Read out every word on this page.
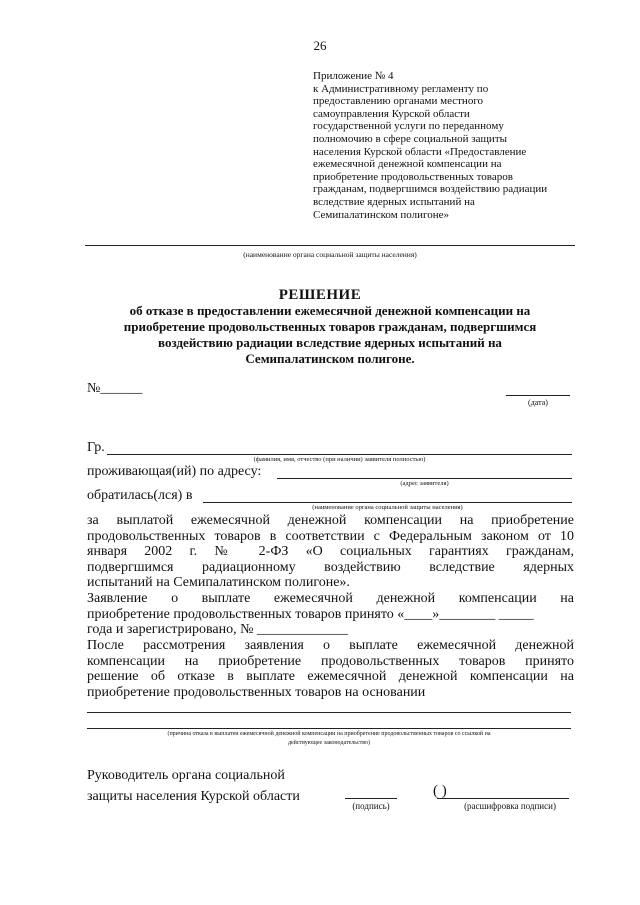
26
Приложение № 4
к Административному регламенту по
предоставлению органами местного
самоуправления Курской области
государственной услуги по переданному
полномочию в сфере социальной защиты
населения Курской области «Предоставление
ежемесячной денежной компенсации на
приобретение продовольственных товаров
гражданам, подвергшимся воздействию радиации
вследствие ядерных испытаний на
Семипалатинском полигоне»
(наименование органа социальной защиты населения)
РЕШЕНИЕ
об отказе в предоставлении ежемесячной денежной компенсации на
приобретение продовольственных товаров гражданам, подвергшимся
воздействию радиации вследствие ядерных испытаний на
Семипалатинском полигоне.
№______
(дата)
Гр.
(фамилия, имя, отчество (при наличии) заявителя полностью)
проживающая(ий) по адресу:
(адрес заявителя)
обратилась(лся) в
(наименование органа социальной защиты населения)
за выплатой ежемесячной денежной компенсации на приобретение
продовольственных товаров в соответствии с Федеральным законом от 10
января 2002 г. № 2-ФЗ «О социальных гарантиях гражданам,
подвергшимся радиационному воздействию вследствие ядерных
испытаний на Семипалатинском полигоне».
Заявление о выплате ежемесячной денежной компенсации на
приобретение продовольственных товаров принято «____»________ _____
года и зарегистрировано, № _____________
После рассмотрения заявления о выплате ежемесячной денежной
компенсации на приобретение продовольственных товаров принято
решение об отказе в выплате ежемесячной денежной компенсации на
приобретение продовольственных товаров на основании
(причина отказа в выплатеи ежемесячной денежной компенсации на приобретение продовольственных товаров со ссылкой на
действующее законодательство)
Руководитель органа социальной
защиты населения Курской области
(подпись)
( )
(расшифровка подписи)
